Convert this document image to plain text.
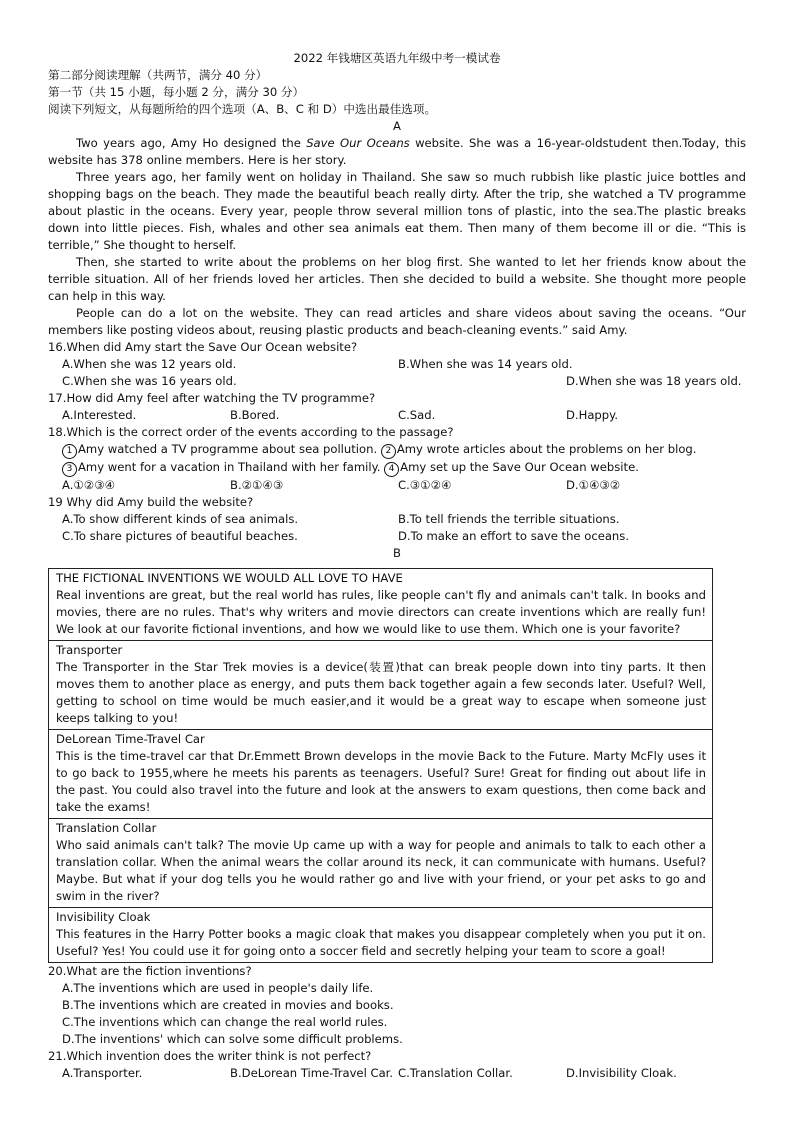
2022 年钱塘区英语九年级中考一模试卷
第二部分阅读理解（共两节，满分 40 分）
第一节（共 15 小题，每小题 2 分，满分 30 分）
阅读下列短文，从每题所给的四个选项（A、B、C 和 D）中选出最佳选项。
A

Two years ago, Amy Ho designed the Save Our Oceans website. She was a 16-year-oldstudent then.Today, this website has 378 online members. Here is her story.

Three years ago, her family went on holiday in Thailand. She saw so much rubbish like plastic juice bottles and shopping bags on the beach. They made the beautiful beach really dirty. After the trip, she watched a TV programme about plastic in the oceans. Every year, people throw several million tons of plastic, into the sea.The plastic breaks down into little pieces. Fish, whales and other sea animals eat them. Then many of them become ill or die. “This is terrible,” She thought to herself.

Then, she started to write about the problems on her blog first. She wanted to let her friends know about the terrible situation. All of her friends loved her articles. Then she decided to build a website. She thought more people can help in this way.

People can do a lot on the website. They can read articles and share videos about saving the oceans. “Our members like posting videos about, reusing plastic products and beach-cleaning events.” said Amy.

16.When did Amy start the Save Our Ocean website?
A.When she was 12 years old.	B.When she was 14 years old.
C.When she was 16 years old.	D.When she was 18 years old.
17.How did Amy feel after watching the TV programme?
A.Interested.	B.Bored.	C.Sad.	D.Happy.
18.Which is the correct order of the events according to the passage?
1 Amy watched a TV programme about sea pollution. 2 Amy wrote articles about the problems on her blog.
3 Amy went for a vacation in Thailand with her family. 4 Amy set up the Save Our Ocean website.
A.①②③④	B.②①④③	C.③①②④	D.①④③②
19 Why did Amy build the website?
A.To show different kinds of sea animals.	B.To tell friends the terrible situations.
C.To share pictures of beautiful beaches.	D.To make an effort to save the oceans.
B
THE FICTIONAL INVENTIONS WE WOULD ALL LOVE TO HAVE
Real inventions are great, but the real world has rules, like people can't fly and animals can't talk. In books and movies, there are no rules. That's why writers and movie directors can create inventions which are really fun! We look at our favorite fictional inventions, and how we would like to use them. Which one is your favorite?

Transporter
The Transporter in the Star Trek movies is a device(装置)that can break people down into tiny parts. It then moves them to another place as energy, and puts them back together again a few seconds later. Useful? Well, getting to school on time would be much easier,and it would be a great way to escape when someone just keeps talking to you!

DeLorean Time-Travel Car
This is the time-travel car that Dr.Emmett Brown develops in the movie Back to the Future. Marty McFly uses it to go back to 1955,where he meets his parents as teenagers. Useful? Sure! Great for finding out about life in the past. You could also travel into the future and look at the answers to exam questions, then come back and take the exams!

Translation Collar
Who said animals can't talk? The movie Up came up with a way for people and animals to talk to each other a translation collar. When the animal wears the collar around its neck, it can communicate with humans. Useful? Maybe. But what if your dog tells you he would rather go and live with your friend, or your pet asks to go and swim in the river?

Invisibility Cloak
This features in the Harry Potter books a magic cloak that makes you disappear completely when you put it on. Useful? Yes! You could use it for going onto a soccer field and secretly helping your team to score a goal!
20.What are the fiction inventions?
A.The inventions which are used in people's daily life.
B.The inventions which are created in movies and books.
C.The inventions which can change the real world rules.
D.The inventions' which can solve some difficult problems.
21.Which invention does the writer think is not perfect?
A.Transporter.	B.DeLorean Time-Travel Car. C.Translation Collar.	D.Invisibility Cloak.
